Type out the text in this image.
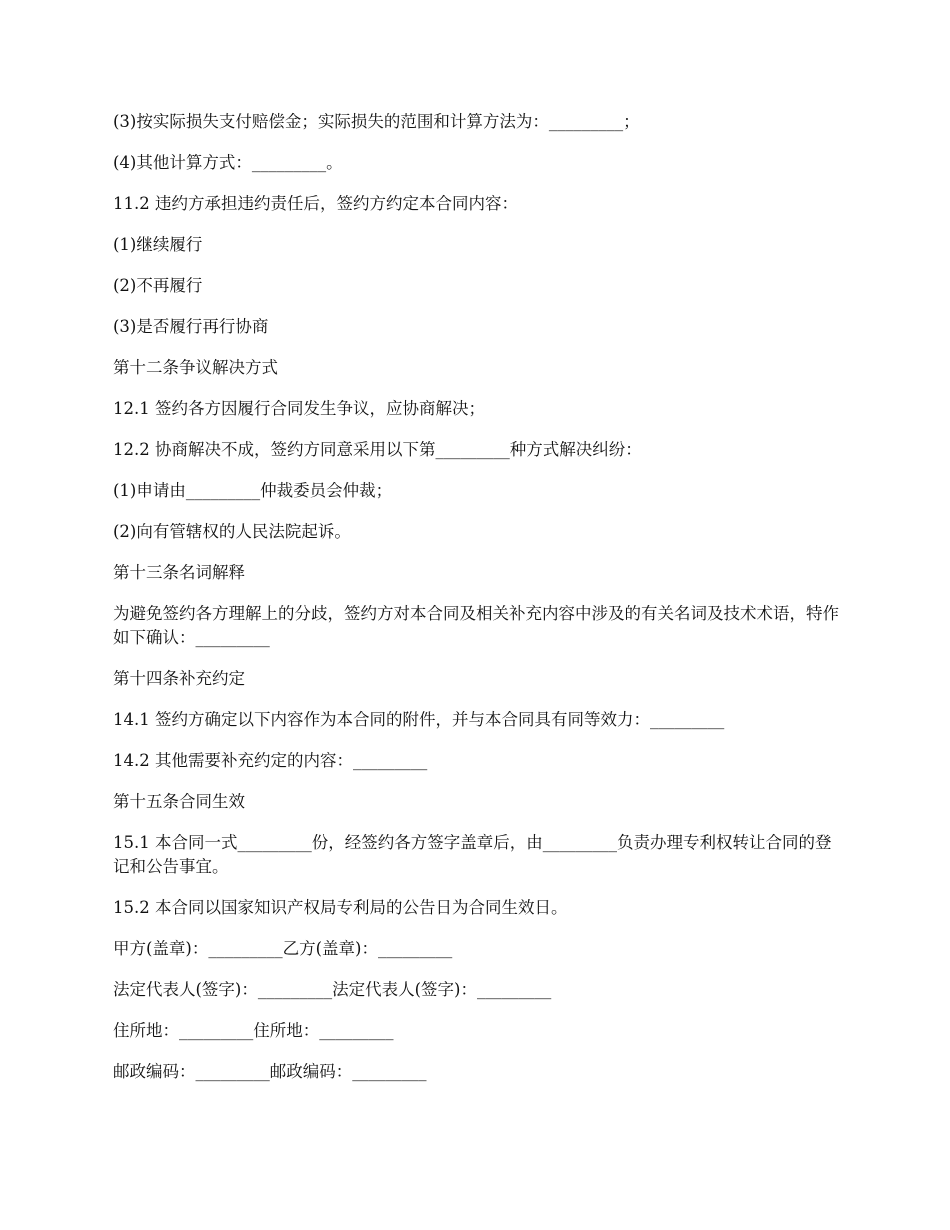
(3)按实际损失支付赔偿金；实际损失的范围和计算方法为：_________；

(4)其他计算方式：_________。

11.2 违约方承担违约责任后，签约方约定本合同内容：

(1)继续履行

(2)不再履行

(3)是否履行再行协商

第十二条争议解决方式

12.1 签约各方因履行合同发生争议，应协商解决；

12.2 协商解决不成，签约方同意采用以下第_________种方式解决纠纷：

(1)申请由_________仲裁委员会仲裁；

(2)向有管辖权的人民法院起诉。

第十三条名词解释

为避免签约各方理解上的分歧，签约方对本合同及相关补充内容中涉及的有关名词及技术术语，特作如下确认：_________

第十四条补充约定

14.1 签约方确定以下内容作为本合同的附件，并与本合同具有同等效力：_________

14.2 其他需要补充约定的内容：_________

第十五条合同生效

15.1 本合同一式_________份，经签约各方签字盖章后，由_________负责办理专利权转让合同的登记和公告事宜。

15.2 本合同以国家知识产权局专利局的公告日为合同生效日。

甲方(盖章)：_________乙方(盖章)：_________

法定代表人(签字)：_________法定代表人(签字)：_________

住所地：_________住所地：_________

邮政编码：_________邮政编码：_________
